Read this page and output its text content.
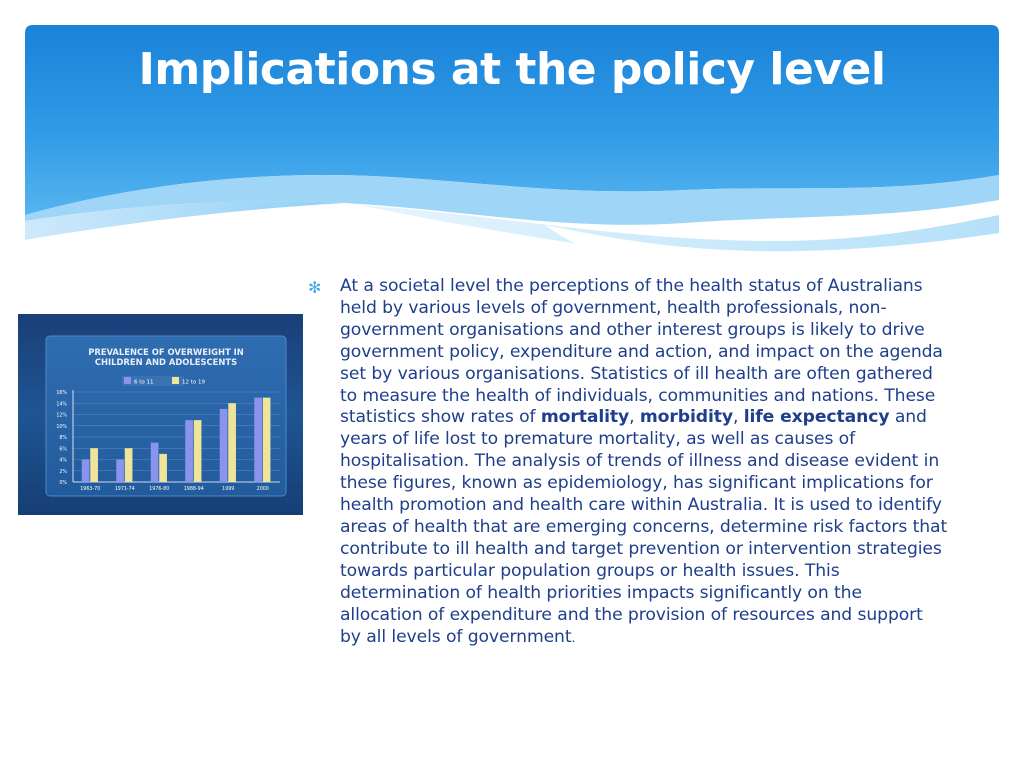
Implications at the policy level
PREVALENCE OF OVERWEIGHT IN
CHILDREN AND ADOLESCENTS
6 to 11	12 to 19
0%
2%
4%
6%
8%
10%
12%
14%
16%
1963-70	1971-74	1976-80	1988-94	1999	2000
✻ At a societal level the perceptions of the health status of Australians held by various levels of government, health professionals, non-government organisations and other interest groups is likely to drive government policy, expenditure and action, and impact on the agenda set by various organisations. Statistics of ill health are often gathered to measure the health of individuals, communities and nations. These statistics show rates of mortality, morbidity, life expectancy and years of life lost to premature mortality, as well as causes of hospitalisation. The analysis of trends of illness and disease evident in these figures, known as epidemiology, has significant implications for health promotion and health care within Australia. It is used to identify areas of health that are emerging concerns, determine risk factors that contribute to ill health and target prevention or intervention strategies towards particular population groups or health issues. This determination of health priorities impacts significantly on the allocation of expenditure and the provision of resources and support by all levels of government.
